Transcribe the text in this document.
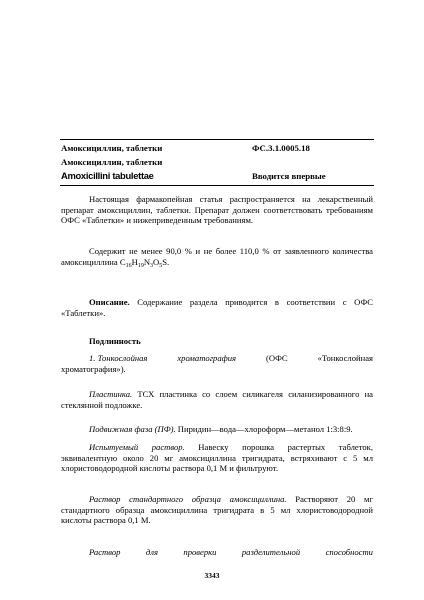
Амоксициллин, таблетки	ФС.3.1.0005.18
Амоксициллин, таблетки
Amoxicillini tabulettae	Вводится впервые
Настоящая фармакопейная статья распространяется на лекарственный препарат амоксициллин, таблетки. Препарат должен соответствовать требованиям ОФС «Таблетки» и нижеприведенным требованиям.
Содержит не менее 90,0 % и не более 110,0 % от заявленного количества амоксициллина $C_{16}H_{19}N_3O_5S$.
Описание. Содержание раздела приводится в соответствии с ОФС «Таблетки».
Подлинность
1. Тонкослойная	хроматография	(ОФС	«Тонкослойная
хроматография»).
Пластинка. ТСХ пластинка со слоем силикагеля силанизированного на стеклянной подложке.
Подвижная фаза (ПФ). Пиридин—вода—хлороформ—метанол 1:3:8:9.
Испытуемый раствор. Навеску порошка растертых таблеток, эквивалентную около 20 мг амоксициллина тригидрата, встряхивают с 5 мл хлористоводородной кислоты раствора 0,1 М и фильтруют.
Раствор стандартного образца амоксициллина. Растворяют 20 мг стандартного образца амоксициллина тригидрата в 5 мл хлористоводородной кислоты раствора 0,1 М.
Раствор	для	проверки	разделительной	способности
3343
